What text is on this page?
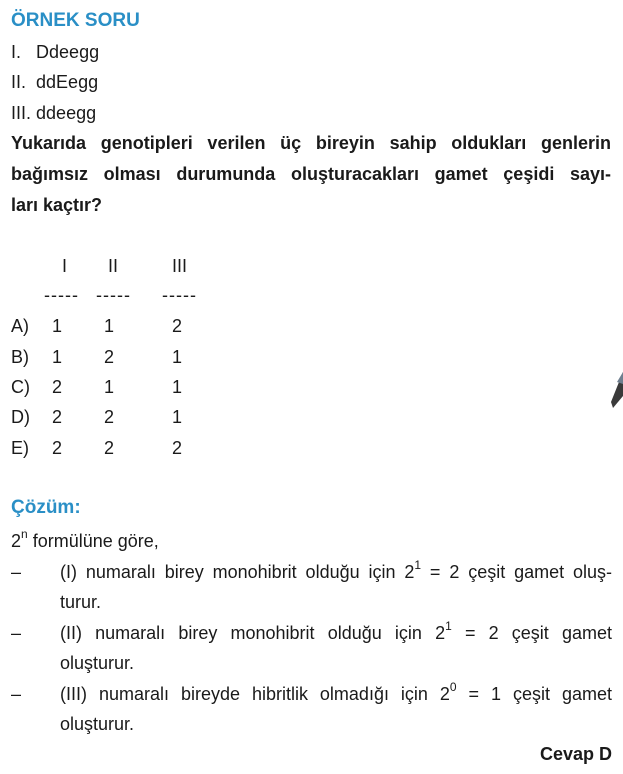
ÖRNEK SORU
I. Ddeegg
II. ddEegg
III. ddeegg
Yukarıda genotipleri verilen üç bireyin sahip oldukları genlerin
bağımsız olması durumunda oluşturacakları gamet çeşidi sayı-
ları kaçtır?
I II	III
----- ----- -----
A) 1 1	2
B) 1 2	1
C) 2 1	1
D) 2 2	1
E) 2 2	2
Çözüm:
2$^n$ formülüne göre,
– (I) numaralı birey monohibrit olduğu için $2^1 = 2$ çeşit gamet oluş-
turur.
– (II) numaralı birey monohibrit olduğu için $2^1 = 2$ çeşit gamet
oluşturur.
– (III) numaralı bireyde hibritlik olmadığı için $2^0 = 1$ çeşit gamet
oluşturur.
Cevap D
